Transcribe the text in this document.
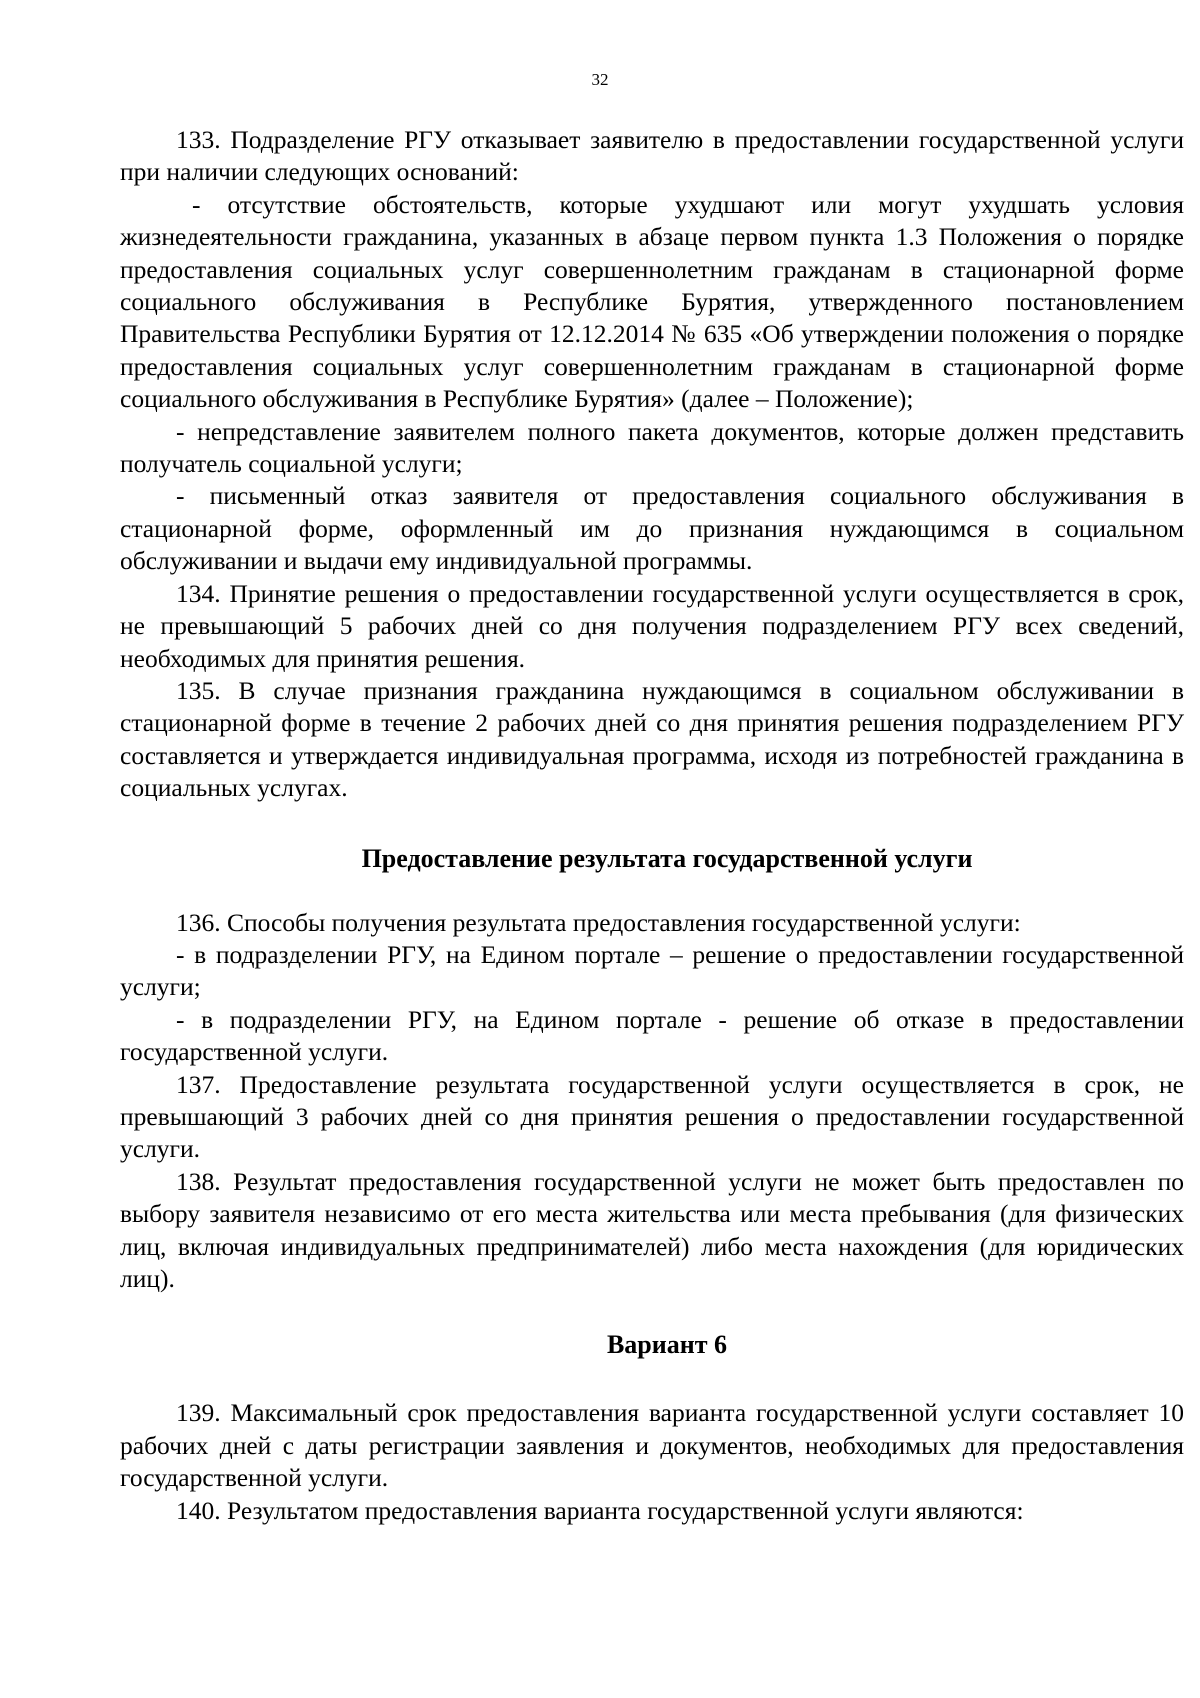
32

133. Подразделение РГУ отказывает заявителю в предоставлении государственной услуги при наличии следующих оснований:

- отсутствие обстоятельств, которые ухудшают или могут ухудшать условия жизнедеятельности гражданина, указанных в абзаце первом пункта 1.3 Положения о порядке предоставления социальных услуг совершеннолетним гражданам в стационарной форме социального обслуживания в Республике Бурятия, утвержденного постановлением Правительства Республики Бурятия от 12.12.2014 № 635 «Об утверждении положения о порядке предоставления социальных услуг совершеннолетним гражданам в стационарной форме социального обслуживания в Республике Бурятия» (далее – Положение);

- непредставление заявителем полного пакета документов, которые должен представить получатель социальной услуги;

- письменный отказ заявителя от предоставления социального обслуживания в стационарной форме, оформленный им до признания нуждающимся в социальном обслуживании и выдачи ему индивидуальной программы.

134. Принятие решения о предоставлении государственной услуги осуществляется в срок, не превышающий 5 рабочих дней со дня получения подразделением РГУ всех сведений, необходимых для принятия решения.

135. В случае признания гражданина нуждающимся в социальном обслуживании в стационарной форме в течение 2 рабочих дней со дня принятия решения подразделением РГУ составляется и утверждается индивидуальная программа, исходя из потребностей гражданина в социальных услугах.

Предоставление результата государственной услуги

136. Способы получения результата предоставления государственной услуги:

- в подразделении РГУ, на Едином портале – решение о предоставлении государственной услуги;

- в подразделении РГУ, на Едином портале - решение об отказе в предоставлении государственной услуги.

137. Предоставление результата государственной услуги осуществляется в срок, не превышающий 3 рабочих дней со дня принятия решения о предоставлении государственной услуги.

138. Результат предоставления государственной услуги не может быть предоставлен по выбору заявителя независимо от его места жительства или места пребывания (для физических лиц, включая индивидуальных предпринимателей) либо места нахождения (для юридических лиц).

Вариант 6

139. Максимальный срок предоставления варианта государственной услуги составляет 10 рабочих дней с даты регистрации заявления и документов, необходимых для предоставления государственной услуги.

140. Результатом предоставления варианта государственной услуги являются:
